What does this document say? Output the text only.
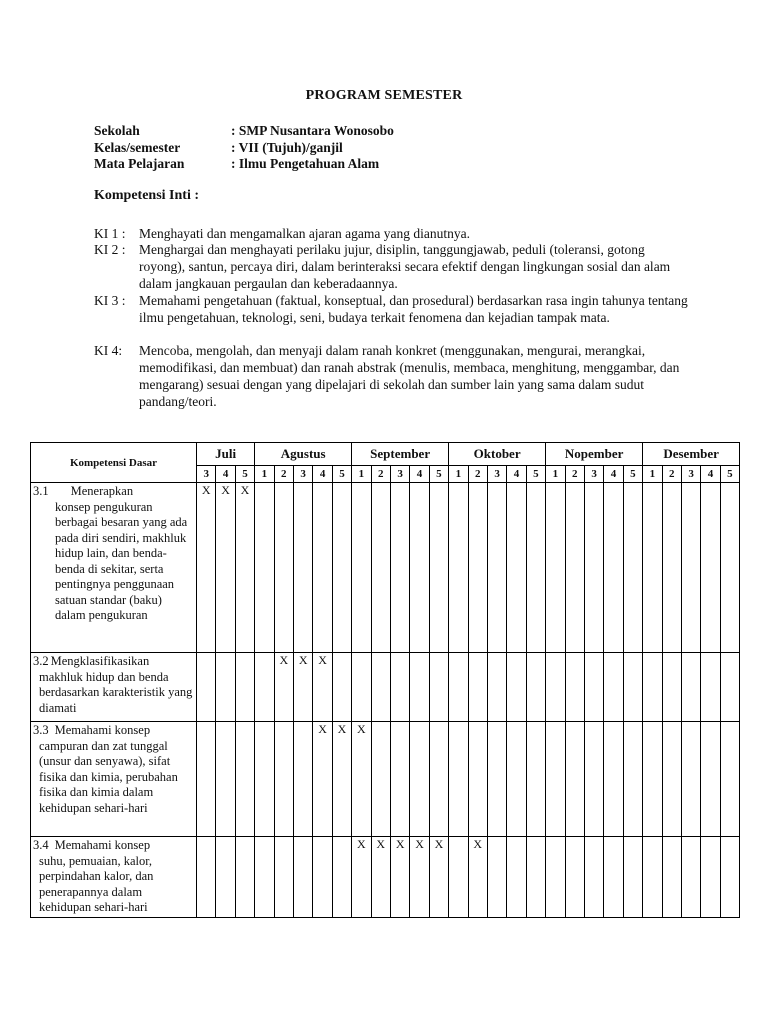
PROGRAM SEMESTER
Sekolah	: SMP Nusantara Wonosobo
Kelas/semester	: VII (Tujuh)/ganjil
Mata Pelajaran	: Ilmu Pengetahuan Alam
Kompetensi Inti :
KI 1 : Menghayati dan mengamalkan ajaran agama yang dianutnya.
KI 2 : Menghargai dan menghayati perilaku jujur, disiplin, tanggungjawab, peduli (toleransi, gotong royong), santun, percaya diri, dalam berinteraksi secara efektif dengan lingkungan sosial dan alam dalam jangkauan pergaulan dan keberadaannya.
KI 3 : Memahami pengetahuan (faktual, konseptual, dan prosedural) berdasarkan rasa ingin tahunya tentang ilmu pengetahuan, teknologi, seni, budaya terkait fenomena dan kejadian tampak mata.
KI 4: Mencoba, mengolah, dan menyaji dalam ranah konkret (menggunakan, mengurai, merangkai, memodifikasi, dan membuat) dan ranah abstrak (menulis, membaca, menghitung, menggambar, dan mengarang) sesuai dengan yang dipelajari di sekolah dan sumber lain yang sama dalam sudut pandang/teori.
Kompetensi Dasar	Juli			Agustus					September					Oktober					Nopember					Desember				
	3	4	5	1	2	3	4	5	1	2	3	4	5	1	2	3	4	5	1	2	3	4	5	1	2	3	4	5
3.1 Menerapkan
konsep pengukuran berbagai besaran yang ada pada diri sendiri, makhluk hidup lain, dan benda-benda di sekitar, serta pentingnya penggunaan satuan standar (baku) dalam pengukuran	X	X	X																									
3.2 Mengklasifikasikan
makhluk hidup dan benda berdasarkan karakteristik yang diamati					X	X	X																					
3.3 Memahami konsep
campuran dan zat tunggal (unsur dan senyawa), sifat fisika dan kimia, perubahan fisika dan kimia dalam kehidupan sehari-hari							X	X	X																			
3.4 Memahami konsep
suhu, pemuaian, kalor, perpindahan kalor, dan penerapannya dalam kehidupan sehari-hari									X	X	X	X	X		X													
